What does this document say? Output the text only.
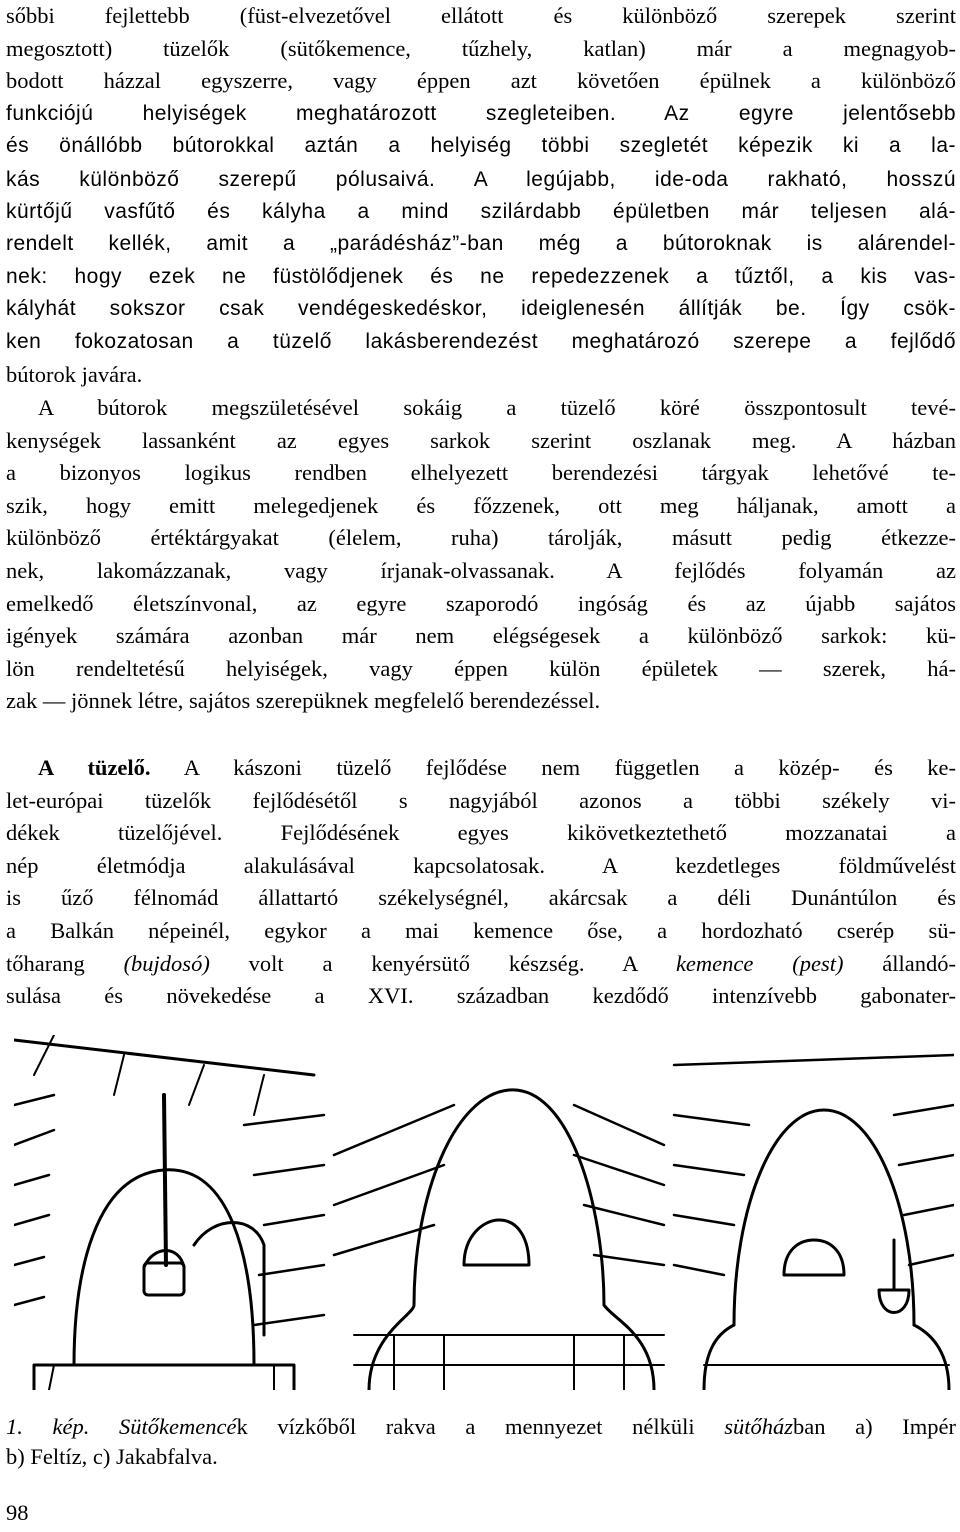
sőbbi fejlettebb (füst-elvezetővel ellátott és különböző szerepek szerint
megosztott) tüzelők (sütőkemence, tűzhely, katlan) már a megnagyob-
bodott házzal egyszerre, vagy éppen azt követően épülnek a különböző
funkciójú helyiségek meghatározott szegleteiben. Az egyre jelentősebb
és önállóbb bútorokkal aztán a helyiség többi szegletét képezik ki a la-
kás különböző szerepű pólusaivá. A legújabb, ide-oda rakható, hosszú
kürtőjű vasfűtő és kályha a mind szilárdabb épületben már teljesen alá-
rendelt kellék, amit a „parádésház”-ban még a bútoroknak is alárendel-
nek: hogy ezek ne füstölődjenek és ne repedezzenek a tűztől, a kis vas-
kályhát sokszor csak vendégeskedéskor, ideiglenesén állítják be. Így csök-
ken fokozatosan a tüzelő lakásberendezést meghatározó szerepe a fejlődő
bútorok javára.
A bútorok megszületésével sokáig a tüzelő köré összpontosult tevé-
kenységek lassanként az egyes sarkok szerint oszlanak meg. A házban
a bizonyos logikus rendben elhelyezett berendezési tárgyak lehetővé te-
szik, hogy emitt melegedjenek és főzzenek, ott meg háljanak, amott a
különböző értéktárgyakat (élelem, ruha) tárolják, másutt pedig étkezze-
nek, lakomázzanak, vagy írjanak-olvassanak. A fejlődés folyamán az
emelkedő életszínvonal, az egyre szaporodó ingóság és az újabb sajátos
igények számára azonban már nem elégségesek a különböző sarkok: kü-
lön rendeltetésű helyiségek, vagy éppen külön épületek — szerek, há-
zak — jönnek létre, sajátos szerepüknek megfelelő berendezéssel.
A tüzelő. A kászoni tüzelő fejlődése nem független a közép- és ke-
let-európai tüzelők fejlődésétől s nagyjából azonos a többi székely vi-
dékek tüzelőjével. Fejlődésének egyes kikövetkeztethető mozzanatai a
nép életmódja alakulásával kapcsolatosak. A kezdetleges földművelést
is űző félnomád állattartó székelységnél, akárcsak a déli Dunántúlon és
a Balkán népeinél, egykor a mai kemence őse, a hordozható cserép sü-
tőharang (bujdosó) volt a kenyérsütő készség. A kemence (pest) állandó-
sulása és növekedése a XVI. században kezdődő intenzívebb gabonater-
1. kép. Sütőkemencék vízkőből rakva a mennyezet nélküli sütőházban a) Impér
b) Feltíz, c) Jakabfalva.
98
